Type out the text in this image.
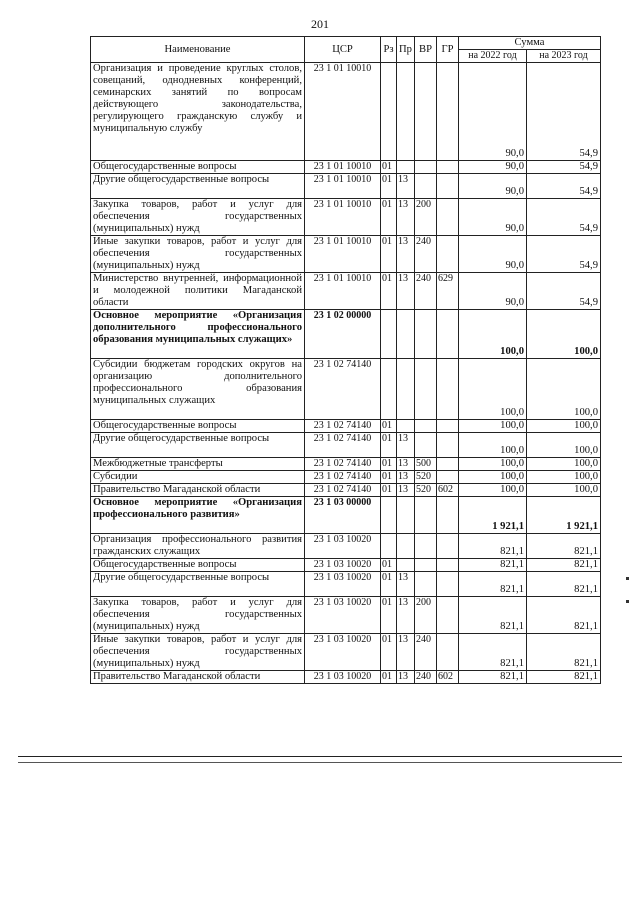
201
Наименование	ЦСР	Рз	Пр	ВР	ГР	Сумма	
						на 2022 год	на 2023 год
Организация и проведение круглых столов, совещаний, однодневных конференций, семинарских занятий по вопросам действующего законодательства, регулирующего гражданскую службу и муниципальную службу	23 1 01 10010					90,0	54,9
Общегосударственные вопросы	23 1 01 10010	01				90,0	54,9
Другие общегосударственные вопросы	23 1 01 10010	01	13			90,0	54,9
Закупка товаров, работ и услуг для обеспечения государственных (муниципальных) нужд	23 1 01 10010	01	13	200		90,0	54,9
Иные закупки товаров, работ и услуг для обеспечения государственных (муниципальных) нужд	23 1 01 10010	01	13	240		90,0	54,9
Министерство внутренней, информационной и молодежной политики Магаданской области	23 1 01 10010	01	13	240	629	90,0	54,9
Основное мероприятие «Организация дополнительного профессионального образования муниципальных служащих»	23 1 02 00000					100,0	100,0
Субсидии бюджетам городских округов на организацию дополнительного профессионального образования муниципальных служащих	23 1 02 74140					100,0	100,0
Общегосударственные вопросы	23 1 02 74140	01				100,0	100,0
Другие общегосударственные вопросы	23 1 02 74140	01	13			100,0	100,0
Межбюджетные трансферты	23 1 02 74140	01	13	500		100,0	100,0
Субсидии	23 1 02 74140	01	13	520		100,0	100,0
Правительство Магаданской области	23 1 02 74140	01	13	520	602	100,0	100,0
Основное мероприятие «Организация профессионального развития»	23 1 03 00000					1 921,1	1 921,1
Организация профессионального развития гражданских служащих	23 1 03 10020					821,1	821,1
Общегосударственные вопросы	23 1 03 10020	01				821,1	821,1
Другие общегосударственные вопросы	23 1 03 10020	01	13			821,1	821,1
Закупка товаров, работ и услуг для обеспечения государственных (муниципальных) нужд	23 1 03 10020	01	13	200		821,1	821,1
Иные закупки товаров, работ и услуг для обеспечения государственных (муниципальных) нужд	23 1 03 10020	01	13	240		821,1	821,1
Правительство Магаданской области	23 1 03 10020	01	13	240	602	821,1	821,1
